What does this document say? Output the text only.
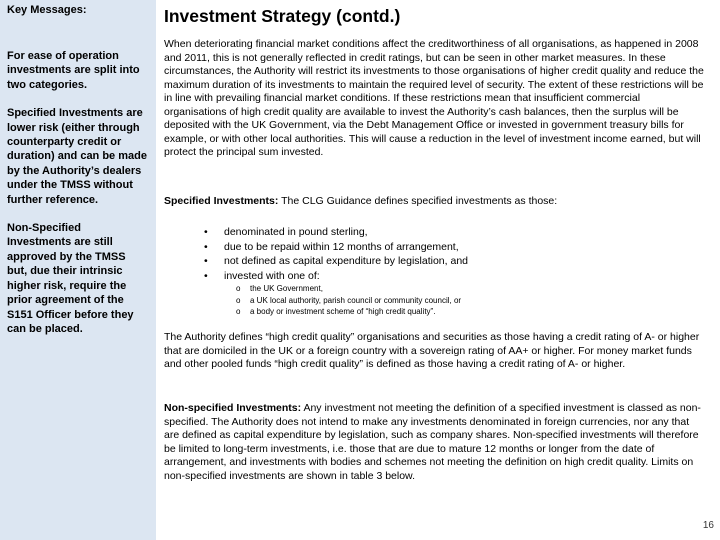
Key Messages:

For ease of operation investments are split into two categories.

Specified Investments are lower risk (either through counterparty credit or duration) and can be made by the Authority’s dealers under the TMSS without further reference.

Non-Specified Investments are still approved by the TMSS but, due their intrinsic higher risk, require the prior agreement of the S151 Officer before they can be placed.

Investment Strategy (contd.)

When deteriorating financial market conditions affect the creditworthiness of all organisations, as happened in 2008 and 2011, this is not generally reflected in credit ratings, but can be seen in other market measures. In these circumstances, the Authority will restrict its investments to those organisations of higher credit quality and reduce the maximum duration of its investments to maintain the required level of security. The extent of these restrictions will be in line with prevailing financial market conditions. If these restrictions mean that insufficient commercial organisations of high credit quality are available to invest the Authority’s cash balances, then the surplus will be deposited with the UK Government, via the Debt Management Office or invested in government treasury bills for example, or with other local authorities. This will cause a reduction in the level of investment income earned, but will protect the principal sum invested.

Specified Investments: The CLG Guidance defines specified investments as those:

• denominated in pound sterling,
• due to be repaid within 12 months of arrangement,
• not defined as capital expenditure by legislation, and
• invested with one of:
o the UK Government,
o a UK local authority, parish council or community council, or
o a body or investment scheme of “high credit quality”.

The Authority defines “high credit quality” organisations and securities as those having a credit rating of A- or higher that are domiciled in the UK or a foreign country with a sovereign rating of AA+ or higher. For money market funds and other pooled funds “high credit quality” is defined as those having a credit rating of A- or higher.

Non-specified Investments: Any investment not meeting the definition of a specified investment is classed as non-specified. The Authority does not intend to make any investments denominated in foreign currencies, nor any that are defined as capital expenditure by legislation, such as company shares. Non-specified investments will therefore be limited to long-term investments, i.e. those that are due to mature 12 months or longer from the date of arrangement, and investments with bodies and schemes not meeting the definition on high credit quality. Limits on non-specified investments are shown in table 3 below.

16
